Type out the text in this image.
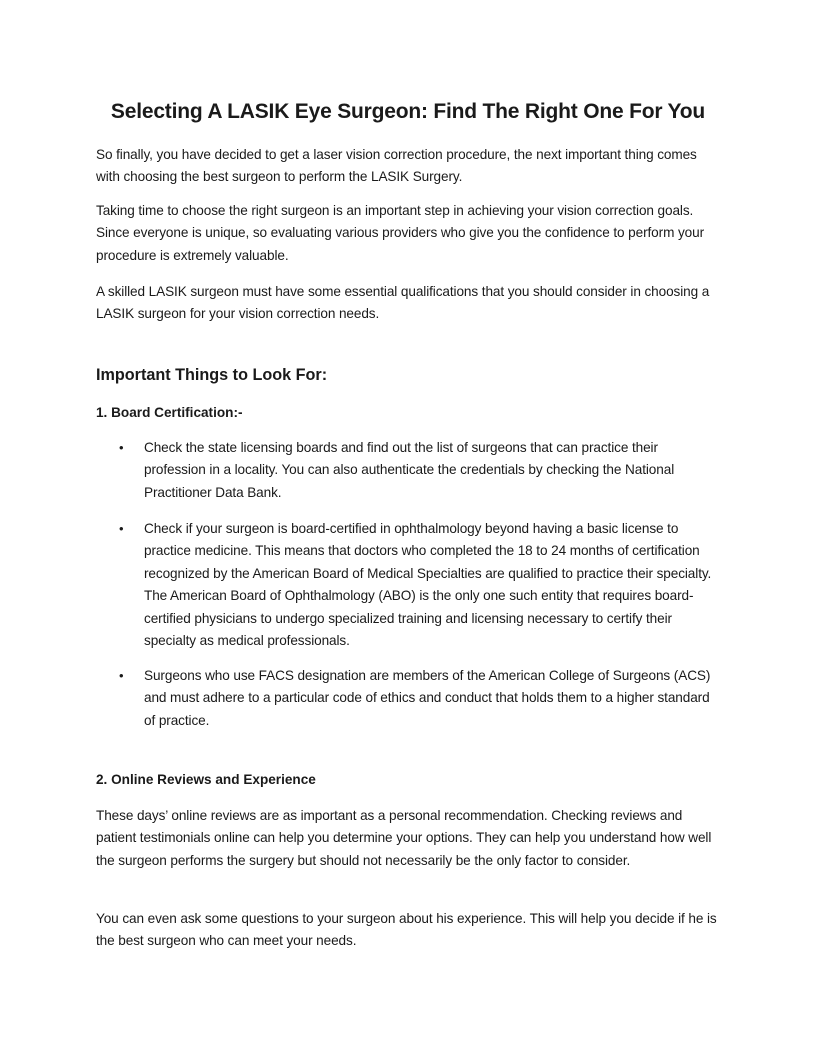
Selecting A LASIK Eye Surgeon: Find The Right One For You

So finally, you have decided to get a laser vision correction procedure, the next important thing comes with choosing the best surgeon to perform the LASIK Surgery.

Taking time to choose the right surgeon is an important step in achieving your vision correction goals. Since everyone is unique, so evaluating various providers who give you the confidence to perform your procedure is extremely valuable.

A skilled LASIK surgeon must have some essential qualifications that you should consider in choosing a LASIK surgeon for your vision correction needs.

Important Things to Look For:
1. Board Certification:-
• Check the state licensing boards and find out the list of surgeons that can practice their profession in a locality. You can also authenticate the credentials by checking the National Practitioner Data Bank.

• Check if your surgeon is board-certified in ophthalmology beyond having a basic license to practice medicine. This means that doctors who completed the 18 to 24 months of certification recognized by the American Board of Medical Specialties are qualified to practice their specialty. The American Board of Ophthalmology (ABO) is the only one such entity that requires board-certified physicians to undergo specialized training and licensing necessary to certify their specialty as medical professionals.

• Surgeons who use FACS designation are members of the American College of Surgeons (ACS) and must adhere to a particular code of ethics and conduct that holds them to a higher standard of practice.

2. Online Reviews and Experience

These days’ online reviews are as important as a personal recommendation. Checking reviews and patient testimonials online can help you determine your options. They can help you understand how well the surgeon performs the surgery but should not necessarily be the only factor to consider.

You can even ask some questions to your surgeon about his experience. This will help you decide if he is the best surgeon who can meet your needs.
